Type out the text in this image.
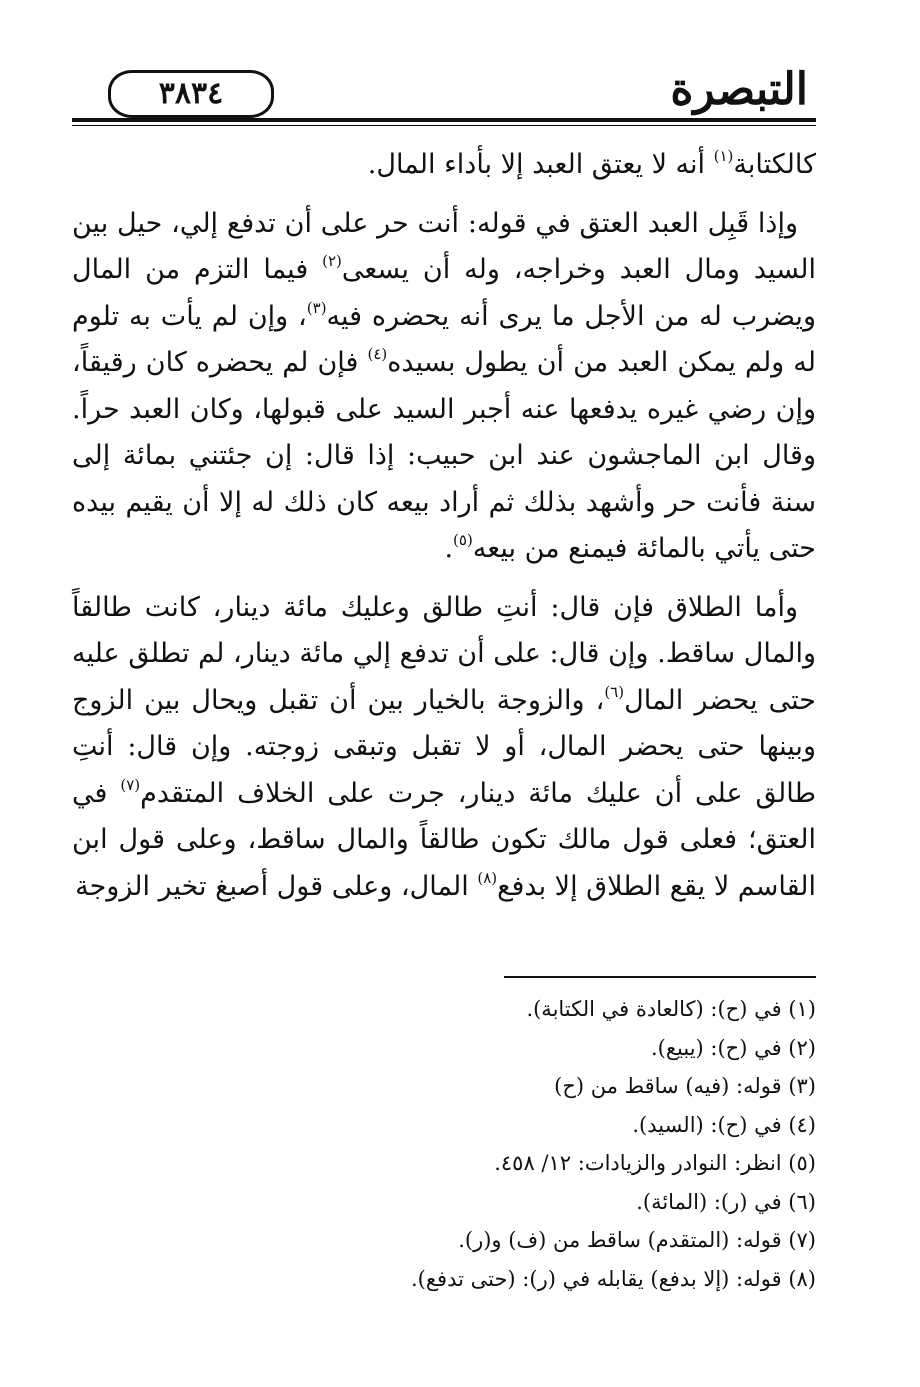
التبصرة
٣٨٣٤

كالكتابة$^{(١)}$ أنه لا يعتق العبد إلا بأداء المال.

وإذا قَبِل العبد العتق في قوله: أنت حر على أن تدفع إلي، حيل بين السيد ومال العبد وخراجه، وله أن يسعى$^{(٢)}$ فيما التزم من المال ويضرب له من الأجل ما يرى أنه يحضره فيه$^{(٣)}$، وإن لم يأت به تلوم له ولم يمكن العبد من أن يطول بسيده$^{(٤)}$ فإن لم يحضره كان رقيقاً، وإن رضي غيره يدفعها عنه أجبر السيد على قبولها، وكان العبد حراً. وقال ابن الماجشون عند ابن حبيب: إذا قال: إن جئتني بمائة إلى سنة فأنت حر وأشهد بذلك ثم أراد بيعه كان ذلك له إلا أن يقيم بيده حتى يأتي بالمائة فيمنع من بيعه$^{(٥)}$.

وأما الطلاق فإن قال: أنتِ طالق وعليك مائة دينار، كانت طالقاً والمال ساقط. وإن قال: على أن تدفع إلي مائة دينار، لم تطلق عليه حتى يحضر المال$^{(٦)}$، والزوجة بالخيار بين أن تقبل ويحال بين الزوج وبينها حتى يحضر المال، أو لا تقبل وتبقى زوجته. وإن قال: أنتِ طالق على أن عليك مائة دينار، جرت على الخلاف المتقدم$^{(٧)}$ في العتق؛ فعلى قول مالك تكون طالقاً والمال ساقط، وعلى قول ابن القاسم لا يقع الطلاق إلا بدفع$^{(٨)}$ المال، وعلى قول أصبغ تخير الزوجة

(١) في (ح): (كالعادة في الكتابة).
(٢) في (ح): (يبيع).
(٣) قوله: (فيه) ساقط من (ح)
(٤) في (ح): (السيد).
(٥) انظر: النوادر والزيادات: ١٢/ ٤٥٨.
(٦) في (ر): (المائة).
(٧) قوله: (المتقدم) ساقط من (ف) و(ر).
(٨) قوله: (إلا بدفع) يقابله في (ر): (حتى تدفع).
